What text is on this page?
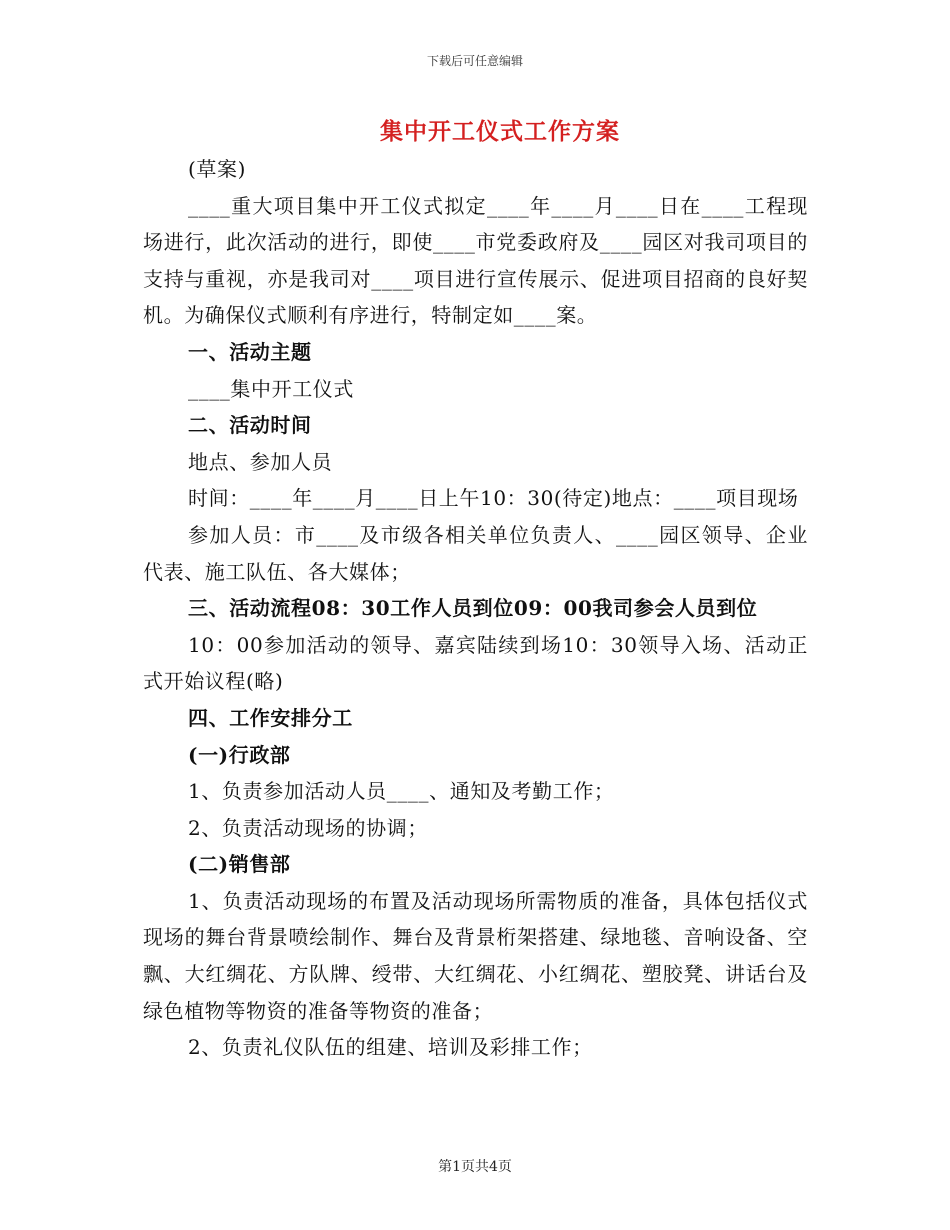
下载后可任意编辑
集中开工仪式工作方案

(草案)

____重大项目集中开工仪式拟定____年____月____日在____工程现场进行，此次活动的进行，即使____市党委政府及____园区对我司项目的支持与重视，亦是我司对____项目进行宣传展示、促进项目招商的良好契机。为确保仪式顺利有序进行，特制定如____案。

一、活动主题

____集中开工仪式

二、活动时间

地点、参加人员

时间：____年____月____日上午10：30(待定)地点：____项目现场

参加人员：市____及市级各相关单位负责人、____园区领导、企业代表、施工队伍、各大媒体；

三、活动流程08：30工作人员到位09：00我司参会人员到位

10：00参加活动的领导、嘉宾陆续到场10：30领导入场、活动正式开始议程(略)

四、工作安排分工

(一)行政部

1、负责参加活动人员____、通知及考勤工作；

2、负责活动现场的协调；

(二)销售部

1、负责活动现场的布置及活动现场所需物质的准备，具体包括仪式现场的舞台背景喷绘制作、舞台及背景桁架搭建、绿地毯、音响设备、空飘、大红绸花、方队牌、绶带、大红绸花、小红绸花、塑胶凳、讲话台及绿色植物等物资的准备等物资的准备；

2、负责礼仪队伍的组建、培训及彩排工作；

第1页共4页
